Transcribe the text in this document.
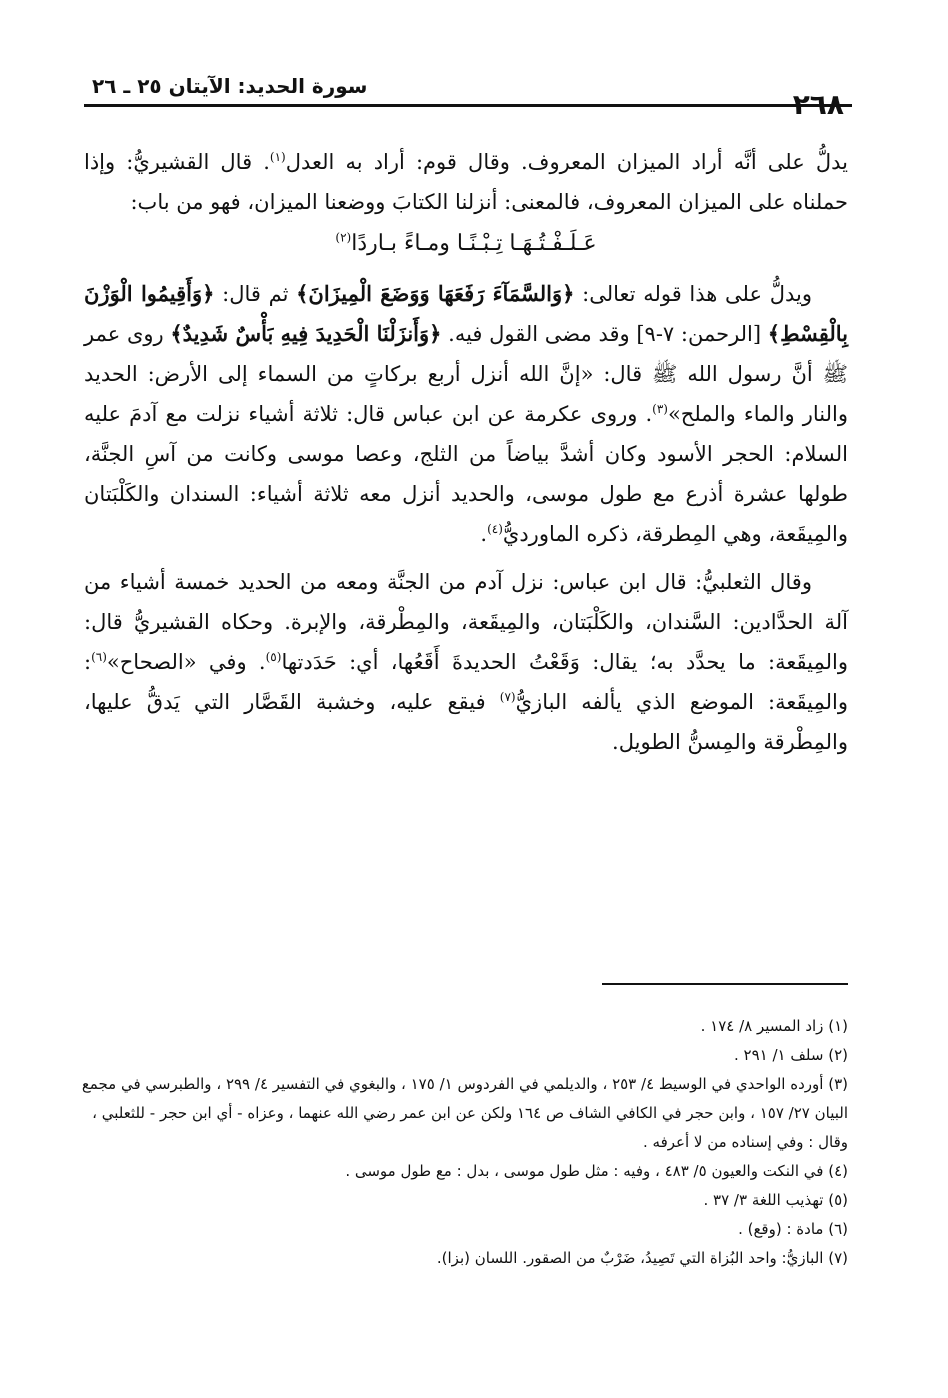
٢٦٨
سورة الحديد: الآيتان ٢٥ ـ ٢٦

يدلُّ على أنَّه أراد الميزان المعروف. وقال قوم: أراد به العدل$^{(١)}$. قال القشيريُّ: وإذا حملناه على الميزان المعروف، فالمعنى: أنزلنا الكتابَ ووضعنا الميزان، فهو من باب:

عَـلَـفْـتُـهَـا تِـبْـنًـا ومـاءً بـاردًا$^{(٢)}$

ويدلُّ على هذا قوله تعالى: ﴿وَالسَّمَآءَ رَفَعَهَا وَوَضَعَ الْمِيزَانَ﴾ ثم قال: ﴿وَأَقِيمُوا الْوَزْنَ بِالْقِسْطِ﴾ [الرحمن: ٧-٩] وقد مضى القول فيه. ﴿وَأَنزَلْنَا الْحَدِيدَ فِيهِ بَأْسٌ شَدِيدٌ﴾ روى عمر ﷺ أنَّ رسول الله ﷺ قال: «إنَّ الله أنزل أربع بركاتٍ من السماء إلى الأرض: الحديد والنار والماء والملح»$^{(٣)}$. وروى عكرمة عن ابن عباس قال: ثلاثة أشياء نزلت مع آدمَ عليه السلام: الحجر الأسود وكان أشدَّ بياضاً من الثلج، وعصا موسى وكانت من آسِ الجنَّة، طولها عشرة أذرع مع طول موسى، والحديد أنزل معه ثلاثة أشياء: السندان والكَلْبَتان والمِيقَعة، وهي المِطرقة، ذكره الماورديُّ$^{(٤)}$.

وقال الثعلبيُّ: قال ابن عباس: نزل آدم من الجنَّة ومعه من الحديد خمسة أشياء من آلة الحدَّادين: السَّندان، والكَلْبَتان، والمِيقَعة، والمِطْرقة، والإبرة. وحكاه القشيريُّ قال: والمِيقَعة: ما يحدَّد به؛ يقال: وَقَعْتُ الحديدةَ أَقَعُها، أي: حَدَدتها$^{(٥)}$. وفي «الصحاح»$^{(٦)}$: والمِيقَعة: الموضع الذي يألفه البازيُّ$^{(٧)}$ فيقع عليه، وخشبة القَصَّار التي يَدقُّ عليها، والمِطْرقة والمِسنُّ الطويل.

(١) زاد المسير ٨/ ١٧٤ .

(٢) سلف ١/ ٢٩١ .

(٣) أورده الواحدي في الوسيط ٤/ ٢٥٣ ، والديلمي في الفردوس ١/ ١٧٥ ، والبغوي في التفسير ٤/ ٢٩٩ ، والطبرسي في مجمع البيان ٢٧/ ١٥٧ ، وابن حجر في الكافي الشاف ص ١٦٤ ولكن عن ابن عمر رضي الله عنهما ، وعزاه - أي ابن حجر - للثعلبي ، وقال : وفي إسناده من لا أعرفه .

(٤) في النكت والعيون ٥/ ٤٨٣ ، وفيه : مثل طول موسى ، بدل : مع طول موسى .

(٥) تهذيب اللغة ٣/ ٣٧ .

(٦) مادة : (وقع) .

(٧) البازيُّ: واحد البُزاة التي تَصِيدُ، ضَرْبٌ من الصقور. اللسان (بزا).
